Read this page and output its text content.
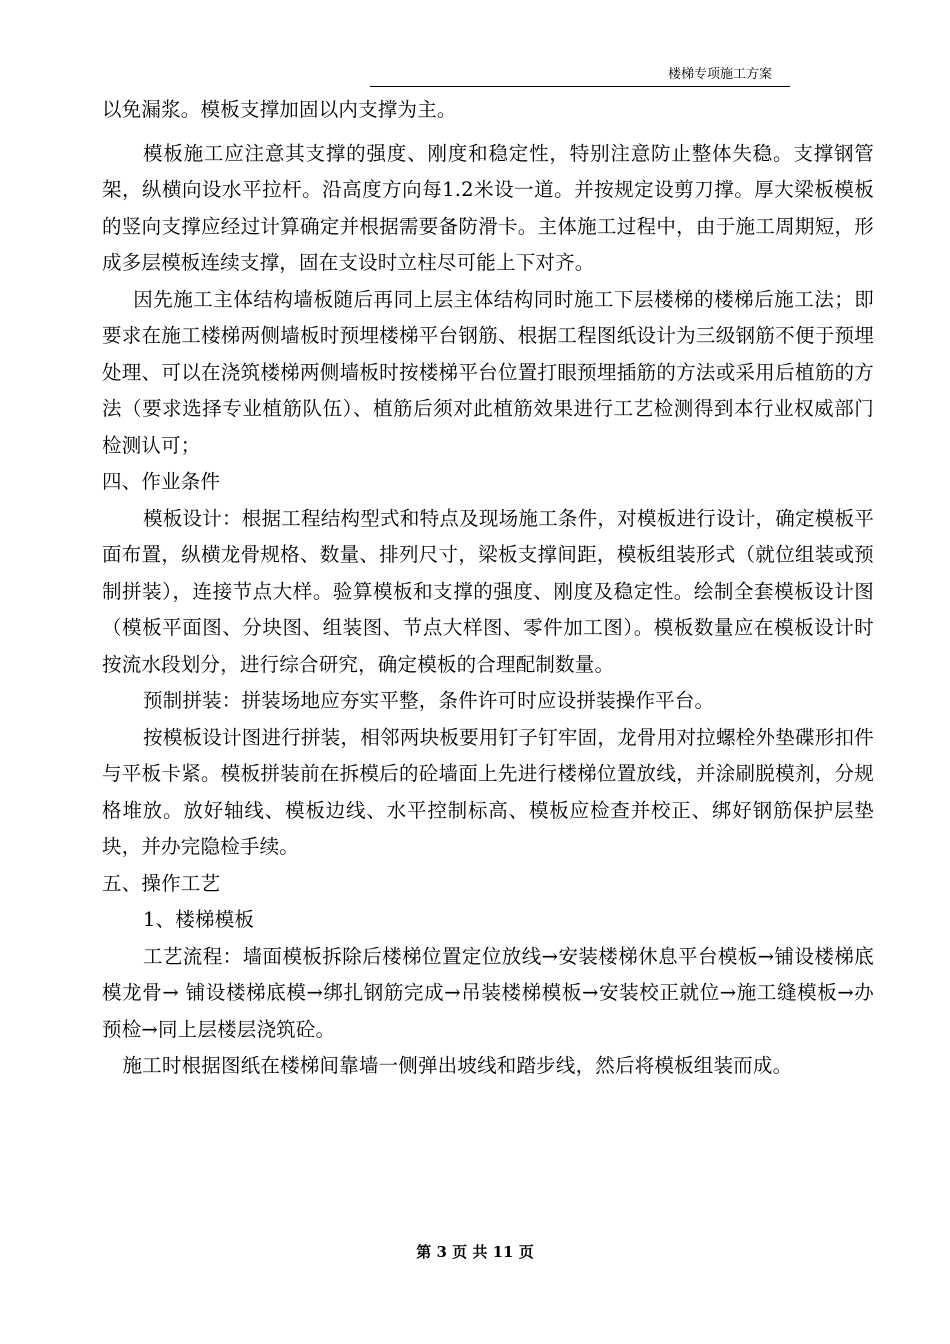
楼梯专项施工方案

以免漏浆。模板支撑加固以内支撑为主。

模板施工应注意其支撑的强度、刚度和稳定性，特别注意防止整体失稳。支撑钢管架，纵横向设水平拉杆。沿高度方向每1.2米设一道。并按规定设剪刀撑。厚大梁板模板的竖向支撑应经过计算确定并根据需要备防滑卡。主体施工过程中，由于施工周期短，形成多层模板连续支撑，固在支设时立柱尽可能上下对齐。

因先施工主体结构墙板随后再同上层主体结构同时施工下层楼梯的楼梯后施工法；即要求在施工楼梯两侧墙板时预埋楼梯平台钢筋、根据工程图纸设计为三级钢筋不便于预埋处理、可以在浇筑楼梯两侧墙板时按楼梯平台位置打眼预埋插筋的方法或采用后植筋的方法（要求选择专业植筋队伍）、植筋后须对此植筋效果进行工艺检测得到本行业权威部门检测认可；

四、作业条件

模板设计：根据工程结构型式和特点及现场施工条件，对模板进行设计，确定模板平面布置，纵横龙骨规格、数量、排列尺寸，梁板支撑间距，模板组装形式（就位组装或预制拼装），连接节点大样。验算模板和支撑的强度、刚度及稳定性。绘制全套模板设计图（模板平面图、分块图、组装图、节点大样图、零件加工图）。模板数量应在模板设计时按流水段划分，进行综合研究，确定模板的合理配制数量。

预制拼装：拼装场地应夯实平整，条件许可时应设拼装操作平台。

按模板设计图进行拼装，相邻两块板要用钉子钉牢固，龙骨用对拉螺栓外垫碟形扣件与平板卡紧。模板拼装前在拆模后的砼墙面上先进行楼梯位置放线，并涂刷脱模剂，分规格堆放。放好轴线、模板边线、水平控制标高、模板应检查并校正、绑好钢筋保护层垫块，并办完隐检手续。

五、操作工艺

1、楼梯模板

工艺流程：墙面模板拆除后楼梯位置定位放线→安装楼梯休息平台模板→铺设楼梯底模龙骨→ 铺设楼梯底模→绑扎钢筋完成→吊装楼梯模板→安装校正就位→施工缝模板→办预检→同上层楼层浇筑砼。

施工时根据图纸在楼梯间靠墙一侧弹出坡线和踏步线，然后将模板组装而成。

第 3 页 共 11 页
